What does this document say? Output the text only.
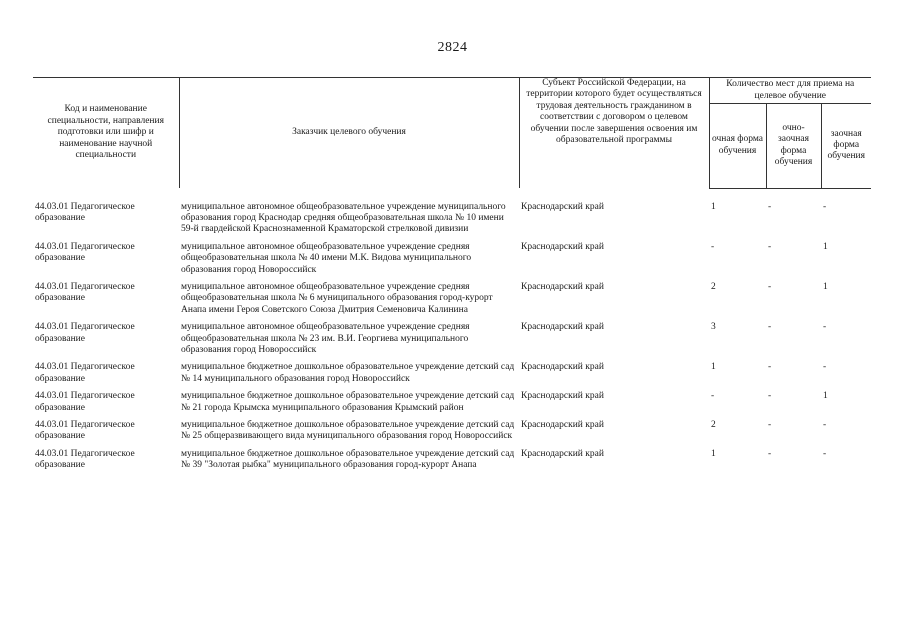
2824
Код и наименование специальности, направления подготовки или шифр и наименование научной специальности	Заказчик целевого обучения	Субъект Российской Федерации, на территории которого будет осуществляться трудовая деятельность гражданином в соответствии с договором о целевом обучении после завершения освоения им образовательной программы	Количество мест для приема на целевое обучение		
			очная форма обучения	очно-заочная форма обучения	заочная форма обучения

44.03.01 Педагогическое образование	муниципальное автономное общеобразовательное учреждение муниципального образования город Краснодар средняя общеобразовательная школа № 10 имени 59-й гвардейской Краснознаменной Краматорской стрелковой дивизии	Краснодарский край	1	-	-
44.03.01 Педагогическое образование	муниципальное автономное общеобразовательное учреждение средняя общеобразовательная школа № 40 имени М.К. Видова муниципального образования город Новороссийск	Краснодарский край	-	-	1
44.03.01 Педагогическое образование	муниципальное автономное общеобразовательное учреждение средняя общеобразовательная школа № 6 муниципального образования город-курорт Анапа имени Героя Советского Союза Дмитрия Семеновича Калинина	Краснодарский край	2	-	1
44.03.01 Педагогическое образование	муниципальное автономное общеобразовательное учреждение средняя общеобразовательная школа № 23 им. В.И. Георгиева муниципального образования город Новороссийск	Краснодарский край	3	-	-
44.03.01 Педагогическое образование	муниципальное бюджетное дошкольное образовательное учреждение детский сад № 14 муниципального образования город Новороссийск	Краснодарский край	1	-	-
44.03.01 Педагогическое образование	муниципальное бюджетное дошкольное образовательное учреждение детский сад № 21 города Крымска муниципального образования Крымский район	Краснодарский край	-	-	1
44.03.01 Педагогическое образование	муниципальное бюджетное дошкольное образовательное учреждение детский сад № 25 общеразвивающего вида муниципального образования город Новороссийск	Краснодарский край	2	-	-
44.03.01 Педагогическое образование	муниципальное бюджетное дошкольное образовательное учреждение детский сад № 39 "Золотая рыбка" муниципального образования город-курорт Анапа	Краснодарский край	1	-	-
